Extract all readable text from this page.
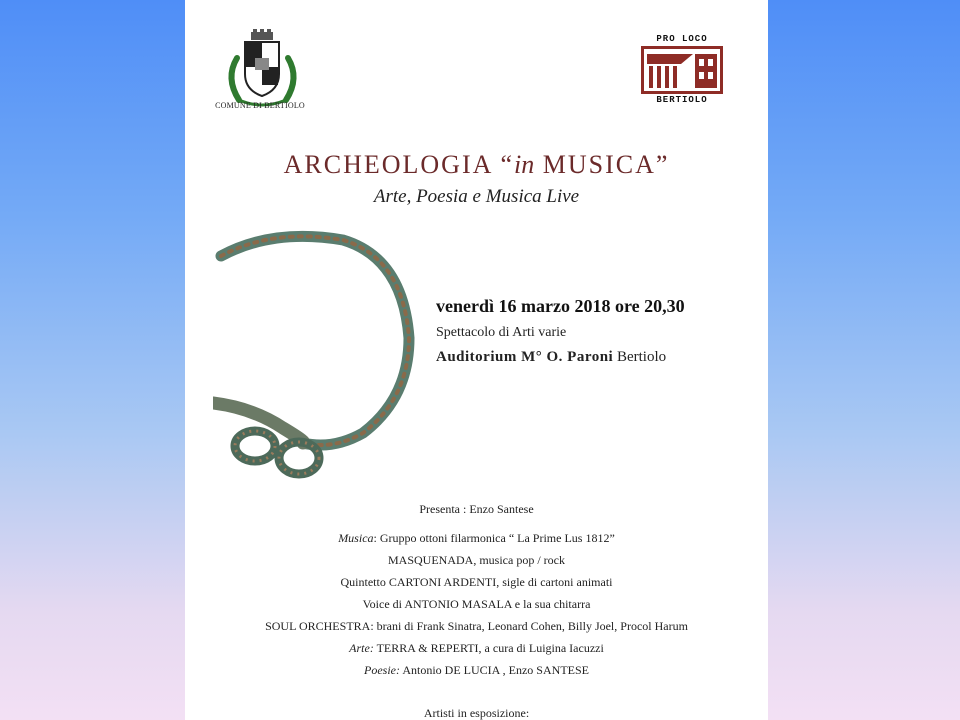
COMUNE DI BERTIOLO
PRO LOCO
BERTIOLO
ARCHEOLOGIA “in MUSICA”
Arte, Poesia e Musica Live
venerdì 16 marzo 2018 ore 20,30
Spettacolo di Arti varie
Auditorium M° O. Paroni Bertiolo
Presenta : Enzo Santese
Musica: Gruppo ottoni filarmonica “ La Prime Lus 1812”
MASQUENADA, musica pop / rock
Quintetto CARTONI ARDENTI, sigle di cartoni animati
Voice di ANTONIO MASALA e la sua chitarra
SOUL ORCHESTRA: brani di Frank Sinatra, Leonard Cohen, Billy Joel, Procol Harum
Arte: TERRA & REPERTI, a cura di Luigina Iacuzzi
Poesie: Antonio DE LUCIA , Enzo SANTESE
Artisti in esposizione:
